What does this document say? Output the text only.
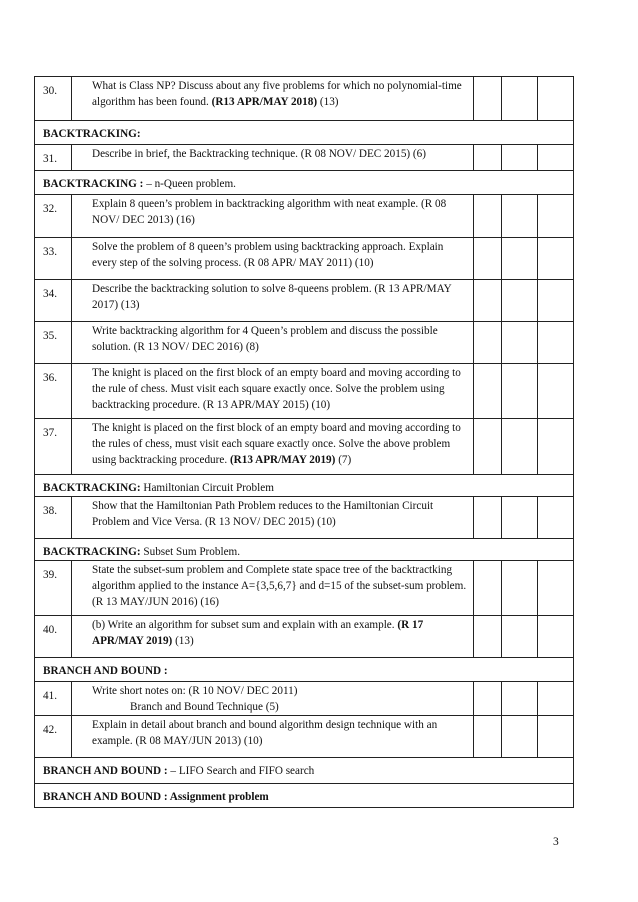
30.	What is Class NP? Discuss about any five problems for which no polynomial-time algorithm has been found. (R13 APR/MAY 2018) (13)			
BACKTRACKING:				
31.	Describe in brief, the Backtracking technique. (R 08 NOV/ DEC 2015) (6)			
BACKTRACKING : – n-Queen problem.				
32.	Explain 8 queen’s problem in backtracking algorithm with neat example. (R 08 NOV/ DEC 2013) (16)			
33.	Solve the problem of 8 queen’s problem using backtracking approach. Explain every step of the solving process. (R 08 APR/ MAY 2011) (10)			
34.	Describe the backtracking solution to solve 8-queens problem. (R 13 APR/MAY 2017) (13)			
35.	Write backtracking algorithm for 4 Queen’s problem and discuss the possible solution. (R 13 NOV/ DEC 2016) (8)			
36.	The knight is placed on the first block of an empty board and moving according to the rule of chess. Must visit each square exactly once. Solve the problem using backtracking procedure. (R 13 APR/MAY 2015) (10)			
37.	The knight is placed on the first block of an empty board and moving according to the rules of chess, must visit each square exactly once. Solve the above problem using backtracking procedure. (R13 APR/MAY 2019) (7)			
BACKTRACKING: Hamiltonian Circuit Problem				
38.	Show that the Hamiltonian Path Problem reduces to the Hamiltonian Circuit Problem and Vice Versa. (R 13 NOV/ DEC 2015) (10)			
BACKTRACKING: Subset Sum Problem.				
39.	State the subset-sum problem and Complete state space tree of the backtractking algorithm applied to the instance A={3,5,6,7} and d=15 of the subset-sum problem. (R 13 MAY/JUN 2016) (16)			
40.	(b) Write an algorithm for subset sum and explain with an example. (R 17 APR/MAY 2019) (13)			
BRANCH AND BOUND :				
41.	Write short notes on: (R 10 NOV/ DEC 2011)
Branch and Bound Technique (5)			

42.	Explain in detail about branch and bound algorithm design technique with an example. (R 08 MAY/JUN 2013) (10)			
BRANCH AND BOUND : – LIFO Search and FIFO search				
BRANCH AND BOUND : Assignment problem				
3
